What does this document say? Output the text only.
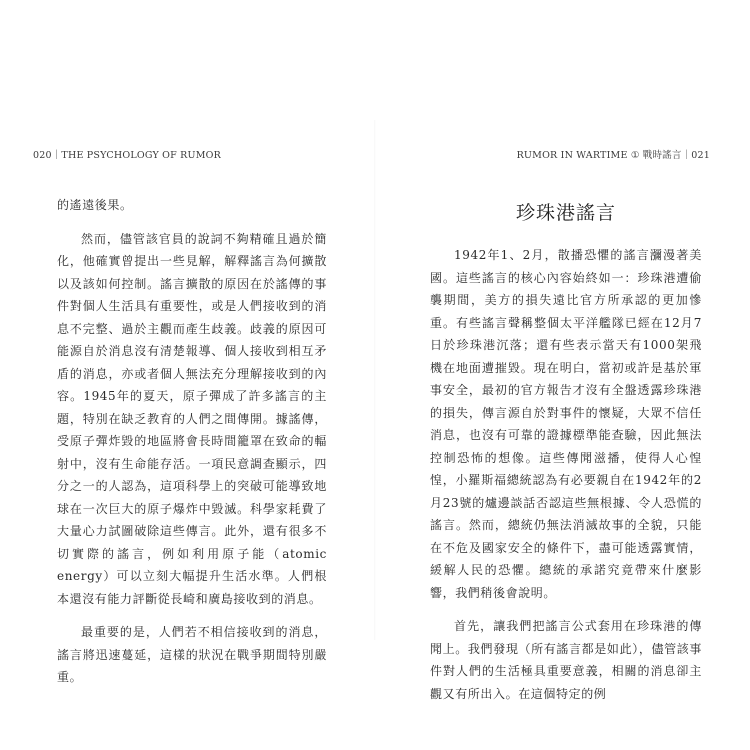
020｜THE PSYCHOLOGY OF RUMOR	RUMOR IN WARTIME ① 戰時謠言｜021

的遙遠後果。

然而，儘管該官員的說詞不夠精確且過於簡化，他確實曾提出一些見解，解釋謠言為何擴散以及該如何控制。謠言擴散的原因在於謠傳的事件對個人生活具有重要性，或是人們接收到的消息不完整、過於主觀而產生歧義。歧義的原因可能源自於消息沒有清楚報導、個人接收到相互矛盾的消息，亦或者個人無法充分理解接收到的內容。1945年的夏天，原子彈成了許多謠言的主題，特別在缺乏教育的人們之間傳開。據謠傳，受原子彈炸毀的地區將會長時間籠罩在致命的輻射中，沒有生命能存活。一項民意調查顯示，四分之一的人認為，這項科學上的突破可能導致地球在一次巨大的原子爆炸中毀滅。科學家耗費了大量心力試圖破除這些傳言。此外，還有很多不切實際的謠言，例如利用原子能（atomic energy）可以立刻大幅提升生活水準。人們根本還沒有能力評斷從長崎和廣島接收到的消息。

最重要的是，人們若不相信接收到的消息，謠言將迅速蔓延，這樣的狀況在戰爭期間特別嚴重。

珍珠港謠言

1942年1、2月，散播恐懼的謠言瀰漫著美國。這些謠言的核心內容始終如一：珍珠港遭偷襲期間，美方的損失遠比官方所承認的更加慘重。有些謠言聲稱整個太平洋艦隊已經在12月7日於珍珠港沉落；還有些表示當天有1000架飛機在地面遭摧毀。現在明白，當初或許是基於軍事安全，最初的官方報告才沒有全盤透露珍珠港的損失，傳言源自於對事件的懷疑，大眾不信任消息，也沒有可靠的證據標準能查驗，因此無法控制恐怖的想像。這些傳聞滋播，使得人心惶惶，小羅斯福總統認為有必要親自在1942年的2月23號的爐邊談話否認這些無根據、令人恐慌的謠言。然而，總統仍無法消滅故事的全貌，只能在不危及國家安全的條件下，盡可能透露實情，緩解人民的恐懼。總統的承諾究竟帶來什麼影響，我們稍後會說明。

首先，讓我們把謠言公式套用在珍珠港的傳聞上。我們發現（所有謠言都是如此），儘管該事件對人們的生活極具重要意義，相關的消息卻主觀又有所出入。在這個特定的例
